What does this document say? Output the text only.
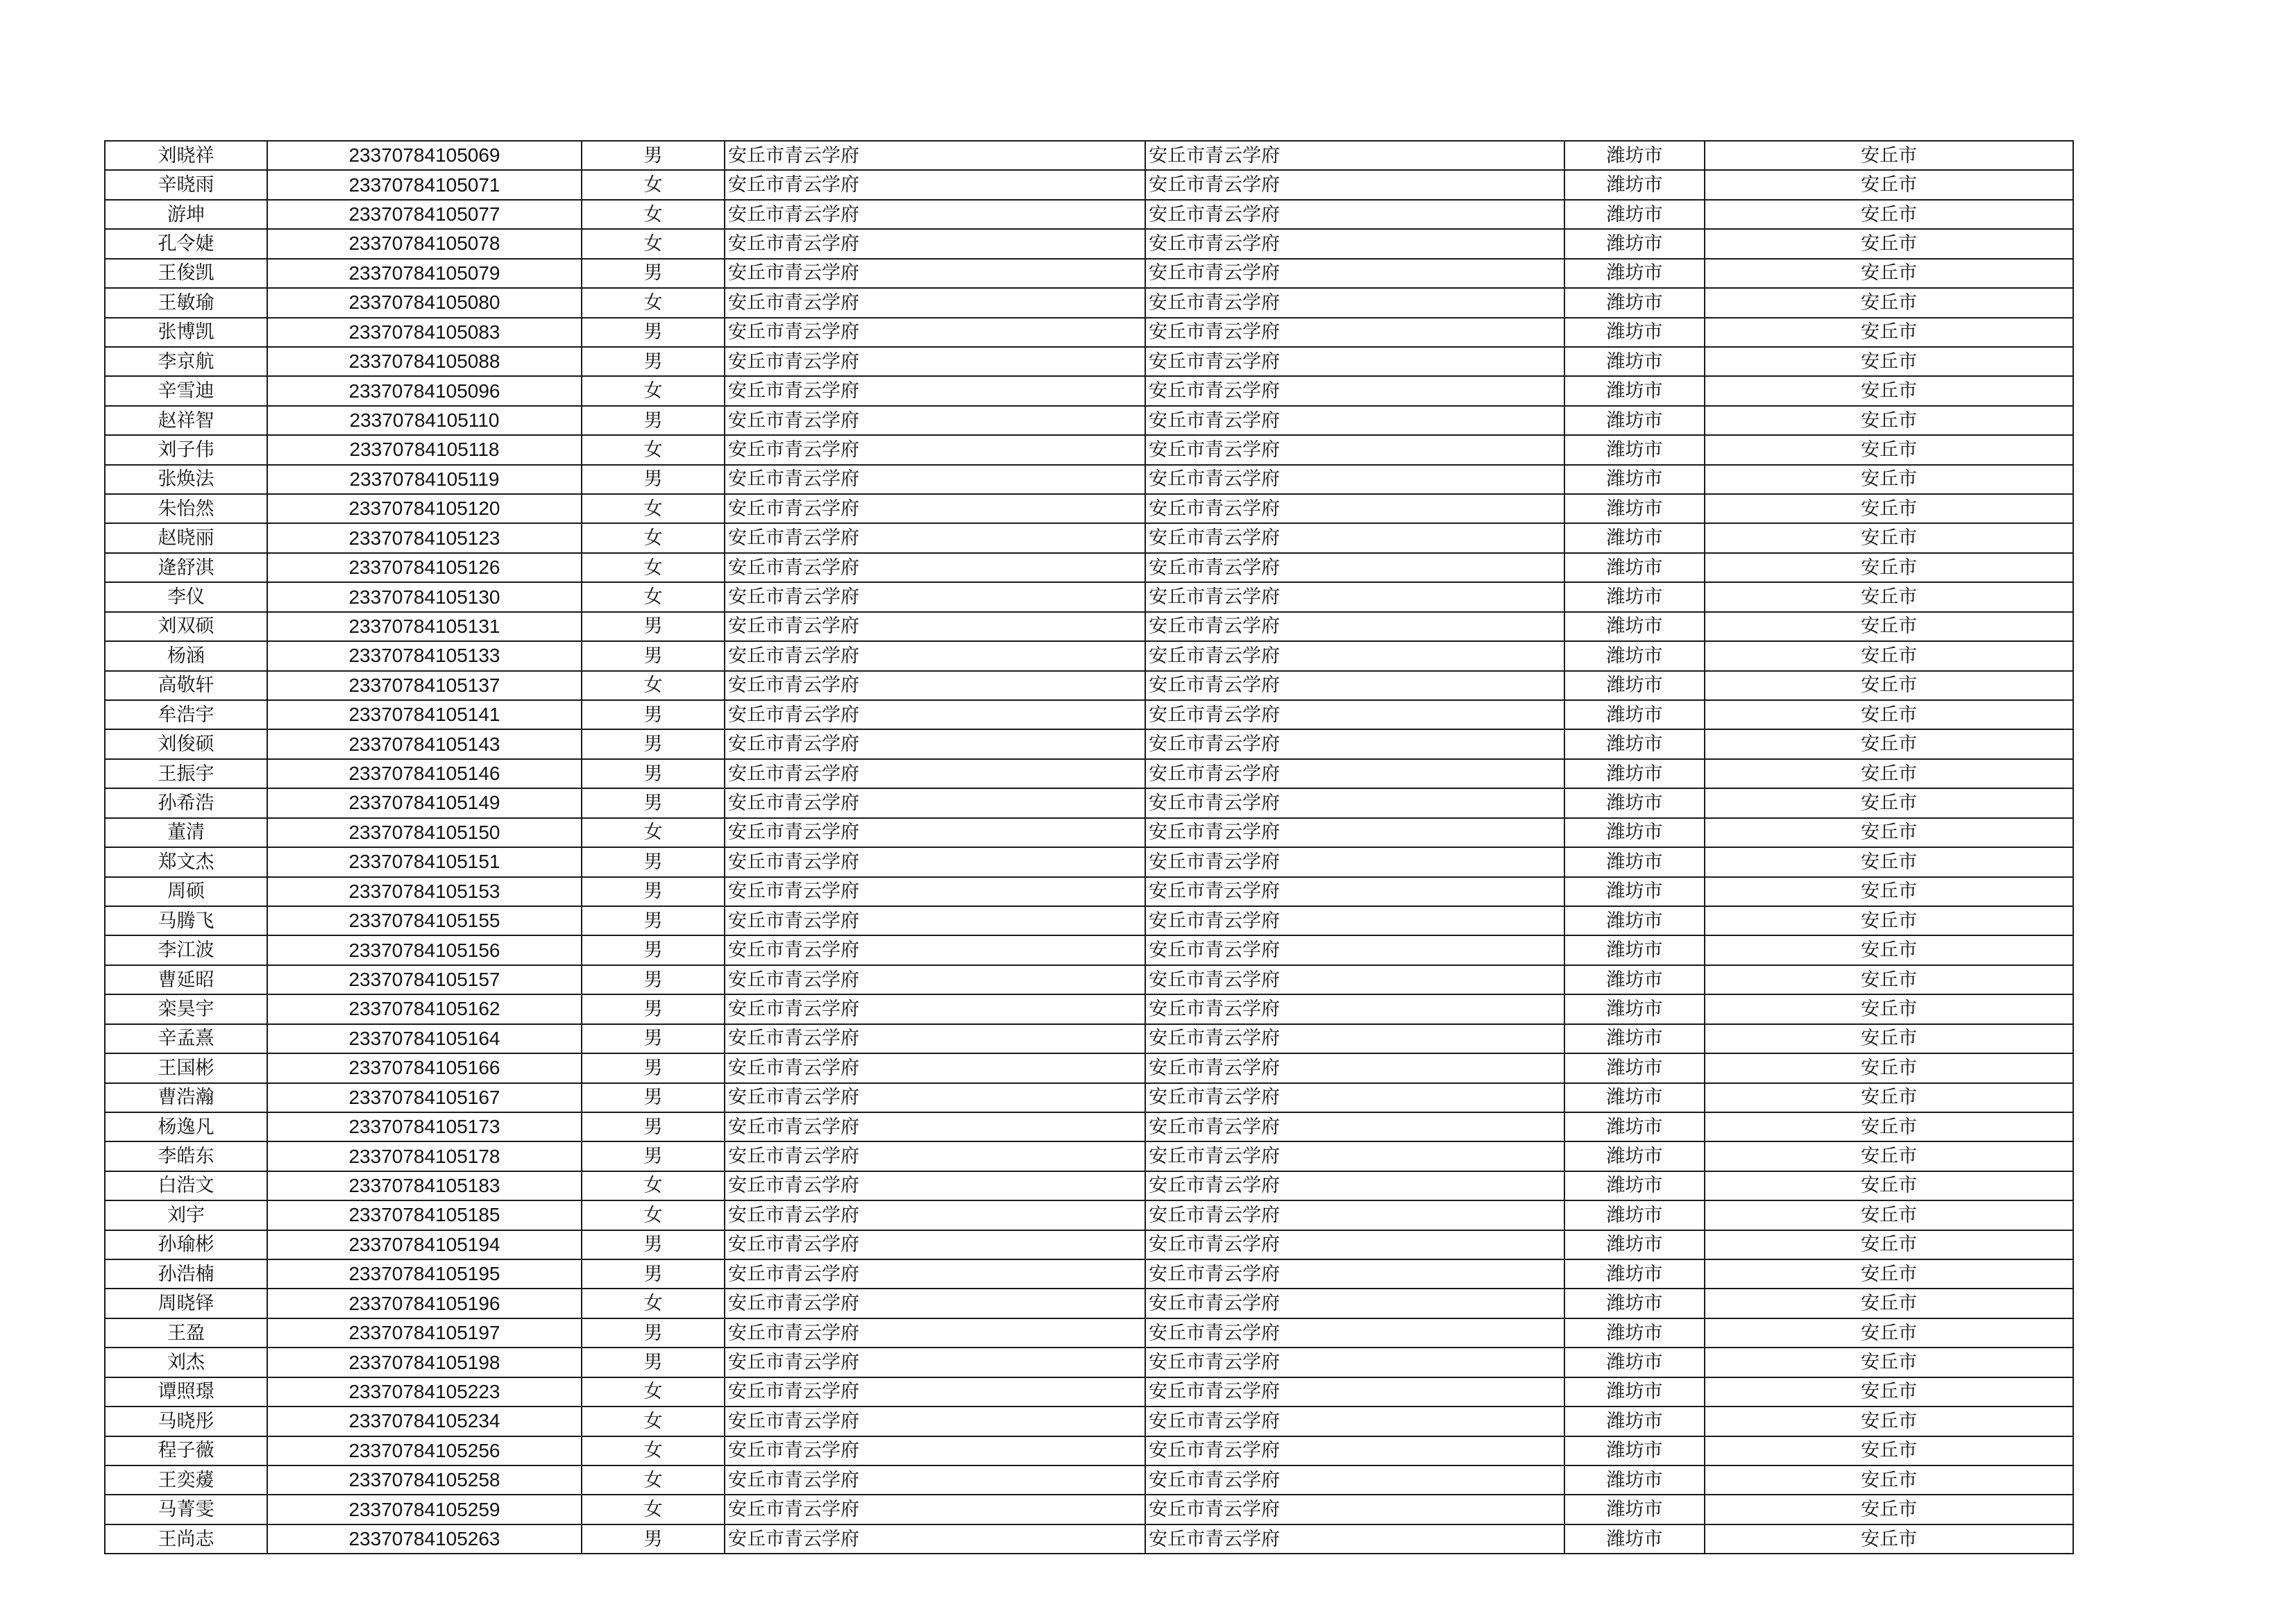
刘晓祥	23370784105069	男	安丘市青云学府	安丘市青云学府	潍坊市	安丘市
辛晓雨	23370784105071	女	安丘市青云学府	安丘市青云学府	潍坊市	安丘市
游坤	23370784105077	女	安丘市青云学府	安丘市青云学府	潍坊市	安丘市
孔令婕	23370784105078	女	安丘市青云学府	安丘市青云学府	潍坊市	安丘市
王俊凯	23370784105079	男	安丘市青云学府	安丘市青云学府	潍坊市	安丘市
王敏瑜	23370784105080	女	安丘市青云学府	安丘市青云学府	潍坊市	安丘市
张博凯	23370784105083	男	安丘市青云学府	安丘市青云学府	潍坊市	安丘市
李京航	23370784105088	男	安丘市青云学府	安丘市青云学府	潍坊市	安丘市
辛雪迪	23370784105096	女	安丘市青云学府	安丘市青云学府	潍坊市	安丘市
赵祥智	23370784105110	男	安丘市青云学府	安丘市青云学府	潍坊市	安丘市
刘子伟	23370784105118	女	安丘市青云学府	安丘市青云学府	潍坊市	安丘市
张焕法	23370784105119	男	安丘市青云学府	安丘市青云学府	潍坊市	安丘市
朱怡然	23370784105120	女	安丘市青云学府	安丘市青云学府	潍坊市	安丘市
赵晓丽	23370784105123	女	安丘市青云学府	安丘市青云学府	潍坊市	安丘市
逄舒淇	23370784105126	女	安丘市青云学府	安丘市青云学府	潍坊市	安丘市
李仪	23370784105130	女	安丘市青云学府	安丘市青云学府	潍坊市	安丘市
刘双硕	23370784105131	男	安丘市青云学府	安丘市青云学府	潍坊市	安丘市
杨涵	23370784105133	男	安丘市青云学府	安丘市青云学府	潍坊市	安丘市
高敬轩	23370784105137	女	安丘市青云学府	安丘市青云学府	潍坊市	安丘市
牟浩宇	23370784105141	男	安丘市青云学府	安丘市青云学府	潍坊市	安丘市
刘俊硕	23370784105143	男	安丘市青云学府	安丘市青云学府	潍坊市	安丘市
王振宇	23370784105146	男	安丘市青云学府	安丘市青云学府	潍坊市	安丘市
孙希浩	23370784105149	男	安丘市青云学府	安丘市青云学府	潍坊市	安丘市
董清	23370784105150	女	安丘市青云学府	安丘市青云学府	潍坊市	安丘市
郑文杰	23370784105151	男	安丘市青云学府	安丘市青云学府	潍坊市	安丘市
周硕	23370784105153	男	安丘市青云学府	安丘市青云学府	潍坊市	安丘市
马腾飞	23370784105155	男	安丘市青云学府	安丘市青云学府	潍坊市	安丘市
李江波	23370784105156	男	安丘市青云学府	安丘市青云学府	潍坊市	安丘市
曹延昭	23370784105157	男	安丘市青云学府	安丘市青云学府	潍坊市	安丘市
栾昊宇	23370784105162	男	安丘市青云学府	安丘市青云学府	潍坊市	安丘市
辛孟熹	23370784105164	男	安丘市青云学府	安丘市青云学府	潍坊市	安丘市
王国彬	23370784105166	男	安丘市青云学府	安丘市青云学府	潍坊市	安丘市
曹浩瀚	23370784105167	男	安丘市青云学府	安丘市青云学府	潍坊市	安丘市
杨逸凡	23370784105173	男	安丘市青云学府	安丘市青云学府	潍坊市	安丘市
李皓东	23370784105178	男	安丘市青云学府	安丘市青云学府	潍坊市	安丘市
白浩文	23370784105183	女	安丘市青云学府	安丘市青云学府	潍坊市	安丘市
刘宇	23370784105185	女	安丘市青云学府	安丘市青云学府	潍坊市	安丘市
孙瑜彬	23370784105194	男	安丘市青云学府	安丘市青云学府	潍坊市	安丘市
孙浩楠	23370784105195	男	安丘市青云学府	安丘市青云学府	潍坊市	安丘市
周晓铎	23370784105196	女	安丘市青云学府	安丘市青云学府	潍坊市	安丘市
王盈	23370784105197	男	安丘市青云学府	安丘市青云学府	潍坊市	安丘市
刘杰	23370784105198	男	安丘市青云学府	安丘市青云学府	潍坊市	安丘市
谭照璟	23370784105223	女	安丘市青云学府	安丘市青云学府	潍坊市	安丘市
马晓彤	23370784105234	女	安丘市青云学府	安丘市青云学府	潍坊市	安丘市
程子薇	23370784105256	女	安丘市青云学府	安丘市青云学府	潍坊市	安丘市
王奕蕿	23370784105258	女	安丘市青云学府	安丘市青云学府	潍坊市	安丘市
马菁雯	23370784105259	女	安丘市青云学府	安丘市青云学府	潍坊市	安丘市
王尚志	23370784105263	男	安丘市青云学府	安丘市青云学府	潍坊市	安丘市
